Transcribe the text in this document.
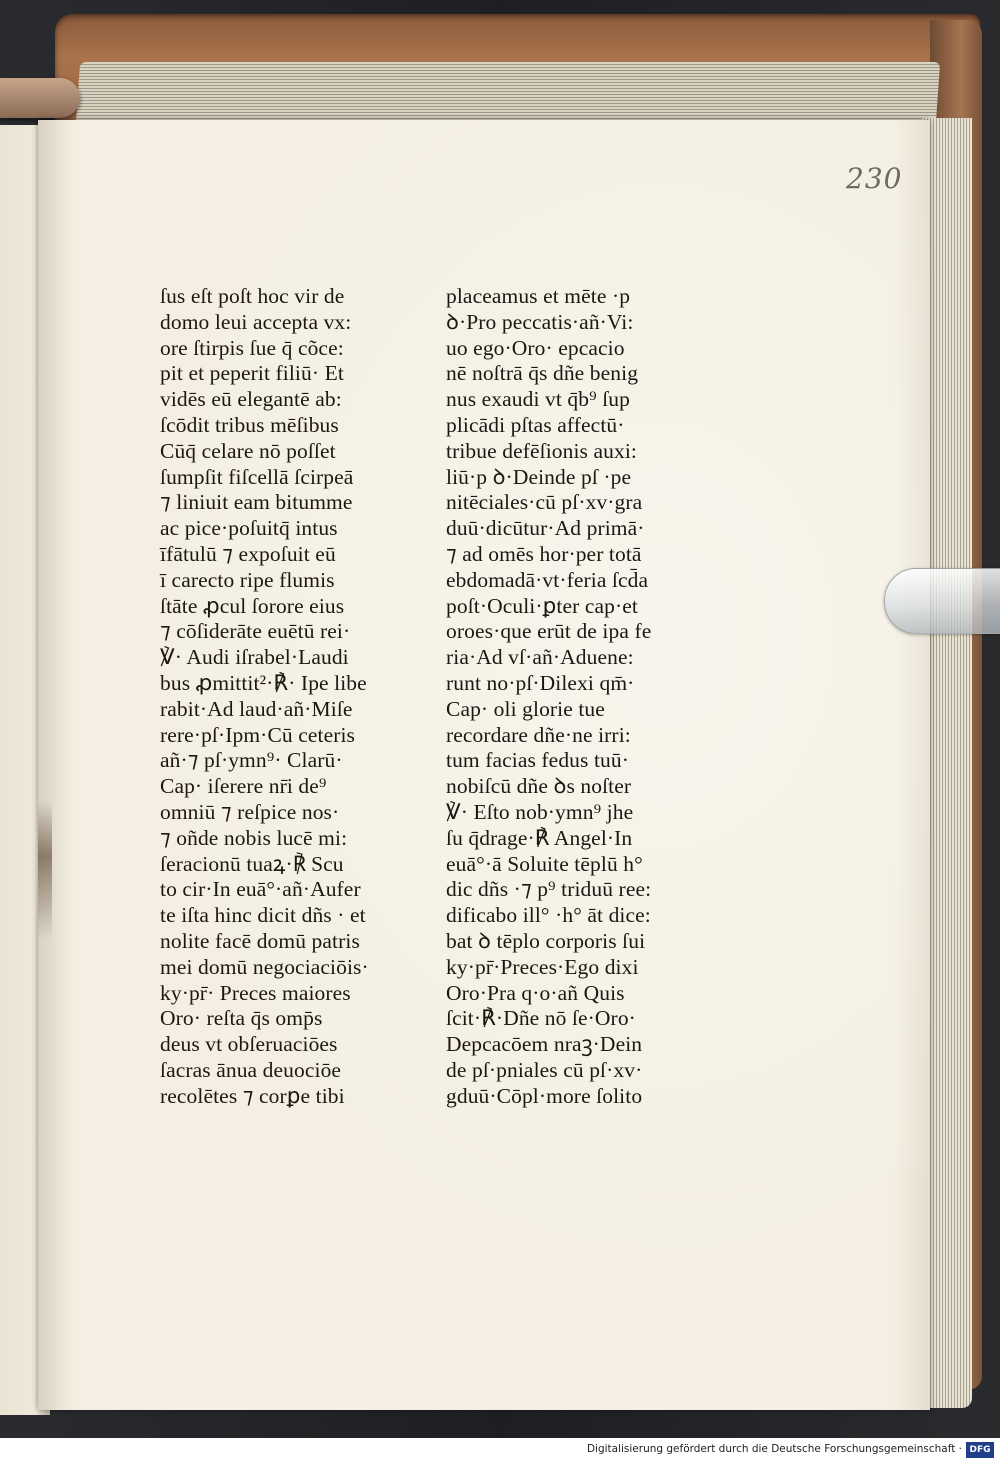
230
ſus eſt poſt hoc vir de
domo leui accepta vx:
ore ſtirpis ſue q̄ cõce:
pit et peperit filiū· Et
vidēs eū elegantē ab:
ſcōdit tribus mēſibus
Cūq̄ celare nō poſſet
ſumpſit fiſcellā ſcirpeā
⁊ liniuit eam bitumme
ac pice·poſuitq̄ intus
īfātulū ⁊ expoſuit eū
ī carecto ripe flumis
ſtāte ꝓcul ſorore eius
⁊ cōſiderāte euētū rei·
℣· Audi iſrabel·Laudi
bus ꝓmittit²·℟· Ipe libe
rabit·Ad laud·añ·Miſe
rere·pſ·Ipm·Cū ceteris
añ·⁊ pſ·ymn⁹· Clarū·
Cap· iſerere nr̄i de⁹
omniū ⁊ reſpice nos·
⁊ oñde nobis lucē mi:
ſeracionū tuaꝝ·℟ Scu
to cir·In euā°·añ·Aufer
te iſta hinc dicit dñs · et
nolite facē domū patris
mei domū negociaciōis·
ky·pr̄· Preces maiores
Oro· reſta q̄s omp̄s
deus vt obſeruaciōes
ſacras ānua deuociōe
recolētes ⁊ corꝑe tibi
placeamus et mēte ·p
ꝺ·Pro peccatis·añ·Vi:
uo ego·Oro· epcacio
nē noſtrā q̄s dñe benig
nus exaudi vt q̄b⁹ ſup
plicādi pſtas affectū·
tribue defēſionis auxi:
liū·p ꝺ·Deinde pſ ·pe
nitēciales·cū pſ·xv·gra
duū·dicūtur·Ad primā·
⁊ ad omēs hor·per totā
ebdomadā·vt·feria ſcd̄a
poſt·Oculi·ꝑter cap·et
oroes·que erūt de ipa fe
ria·Ad vſ·añ·Aduene:
runt no·pſ·Dilexi qm̄·
Cap· oli glorie tue
recordare dñe·ne irri:
tum facias fedus tuū·
nobiſcū dñe ꝺs noſter
℣· Eſto nob·ymn⁹ jhe
ſu q̄drage·℟ Angel·In
euā°·ā Soluite tēplū h°
dic dñs ·⁊ p⁹ triduū ree:
dificabo ill° ·h° āt dice:
bat ꝺ tēplo corporis ſui
ky·pr̄·Preces·Ego dixi
Oro·Pra q·o·añ Quis
ſcit·℟·Dñe nō ſe·Oro·
Depcacōem nraꝫ·Dein
de pſ·pniales cū pſ·xv·
gduū·Cōpl·more ſolito
Digitalisierung gefördert durch die Deutsche Forschungsgemeinschaft · DFG
